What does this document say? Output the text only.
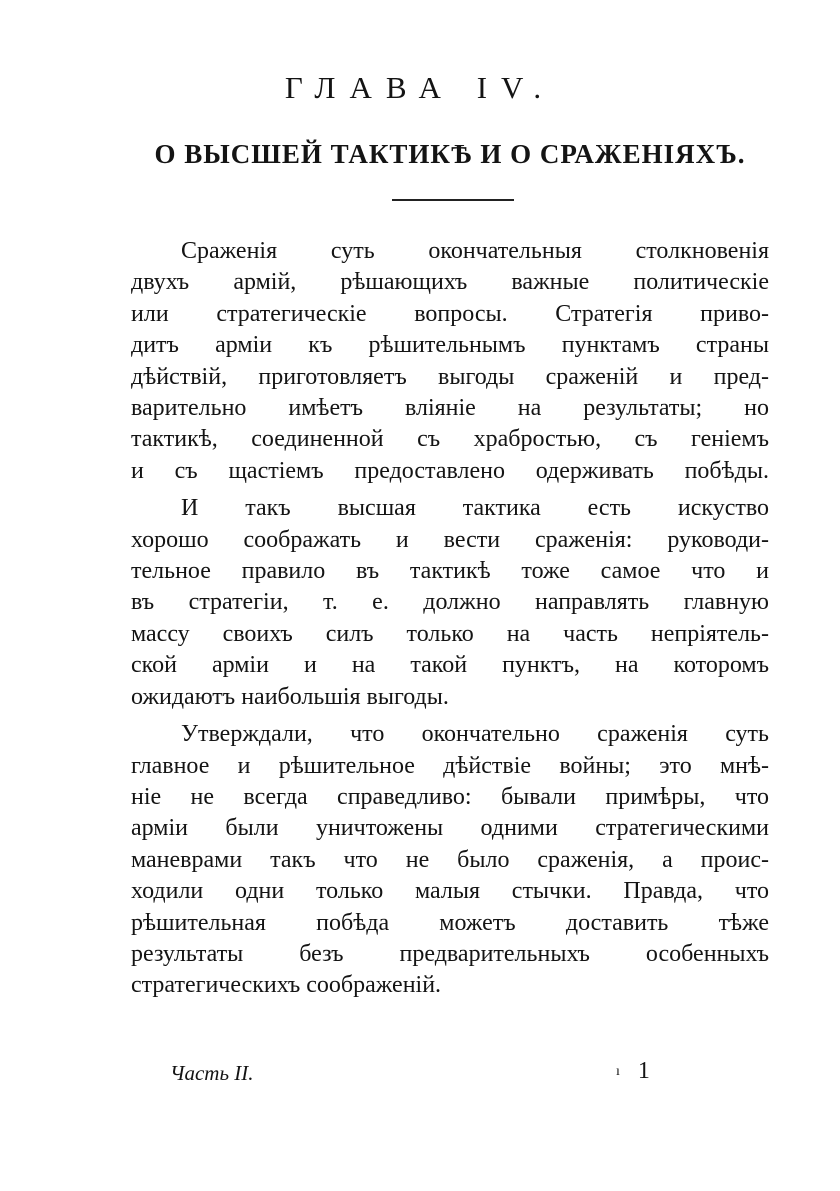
ГЛАВА IV.
О ВЫСШЕЙ ТАКТИКѢ И О СРАЖЕНІЯХЪ.
Сраженія суть окончательныя столкновенія
двухъ армій, рѣшающихъ важные политическіе
или стратегическіе вопросы. Стратегія приво-
дитъ арміи къ рѣшительнымъ пунктамъ страны
дѣйствій, приготовляетъ выгоды сраженій и пред-
варительно имѣетъ вліяніе на результаты; но
тактикѣ, соединенной съ храбростью, съ геніемъ
и съ щастіемъ предоставлено одерживать побѣды.
И такъ высшая тактика есть искуство
хорошо соображать и вести сраженія: руководи-
тельное правило въ тактикѣ тоже самое что и
въ стратегіи, т. е. должно направлять главную
массу своихъ силъ только на часть непріятель-
ской арміи и на такой пунктъ, на которомъ
ожидаютъ наибольшія выгоды.
Утверждали, что окончательно сраженія суть
главное и рѣшительное дѣйствіе войны; это мнѣ-
ніе не всегда справедливо: бывали примѣры, что
арміи были уничтожены одними стратегическими
маневрами такъ что не было сраженія, а проис-
ходили одни только малыя стычки. Правда, что
рѣшительная побѣда можетъ доставить тѣже
результаты безъ предварительныхъ особенныхъ
стратегическихъ соображеній.
Часть II.	ı 1
